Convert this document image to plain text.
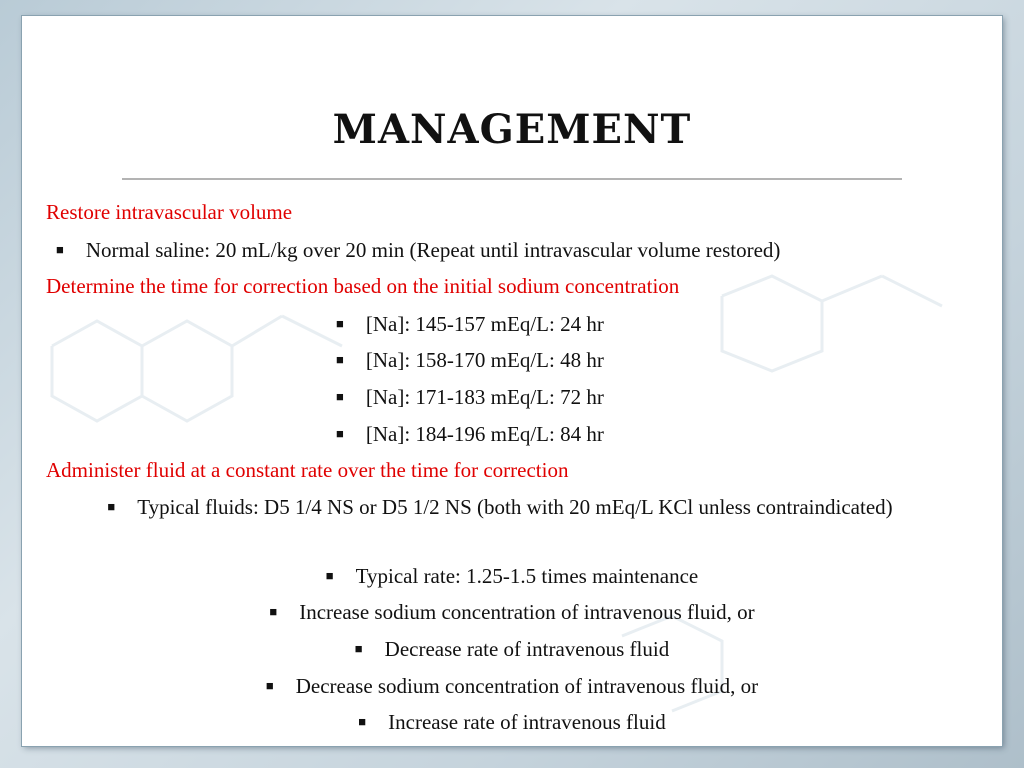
MANAGEMENT
Restore intravascular volume
■ Normal saline: 20 mL/kg over 20 min (Repeat until intravascular volume restored)
Determine the time for correction based on the initial sodium concentration
■ [Na]: 145-157 mEq/L: 24 hr
■ [Na]: 158-170 mEq/L: 48 hr
■ [Na]: 171-183 mEq/L: 72 hr
■ [Na]: 184-196 mEq/L: 84 hr
Administer fluid at a constant rate over the time for correction
■ Typical fluids: D5 1/4 NS or D5 1/2 NS (both with 20 mEq/L KCl unless contraindicated)
■ Typical rate: 1.25-1.5 times maintenance
■ Increase sodium concentration of intravenous fluid, or
■ Decrease rate of intravenous fluid
■ Decrease sodium concentration of intravenous fluid, or
■ Increase rate of intravenous fluid
